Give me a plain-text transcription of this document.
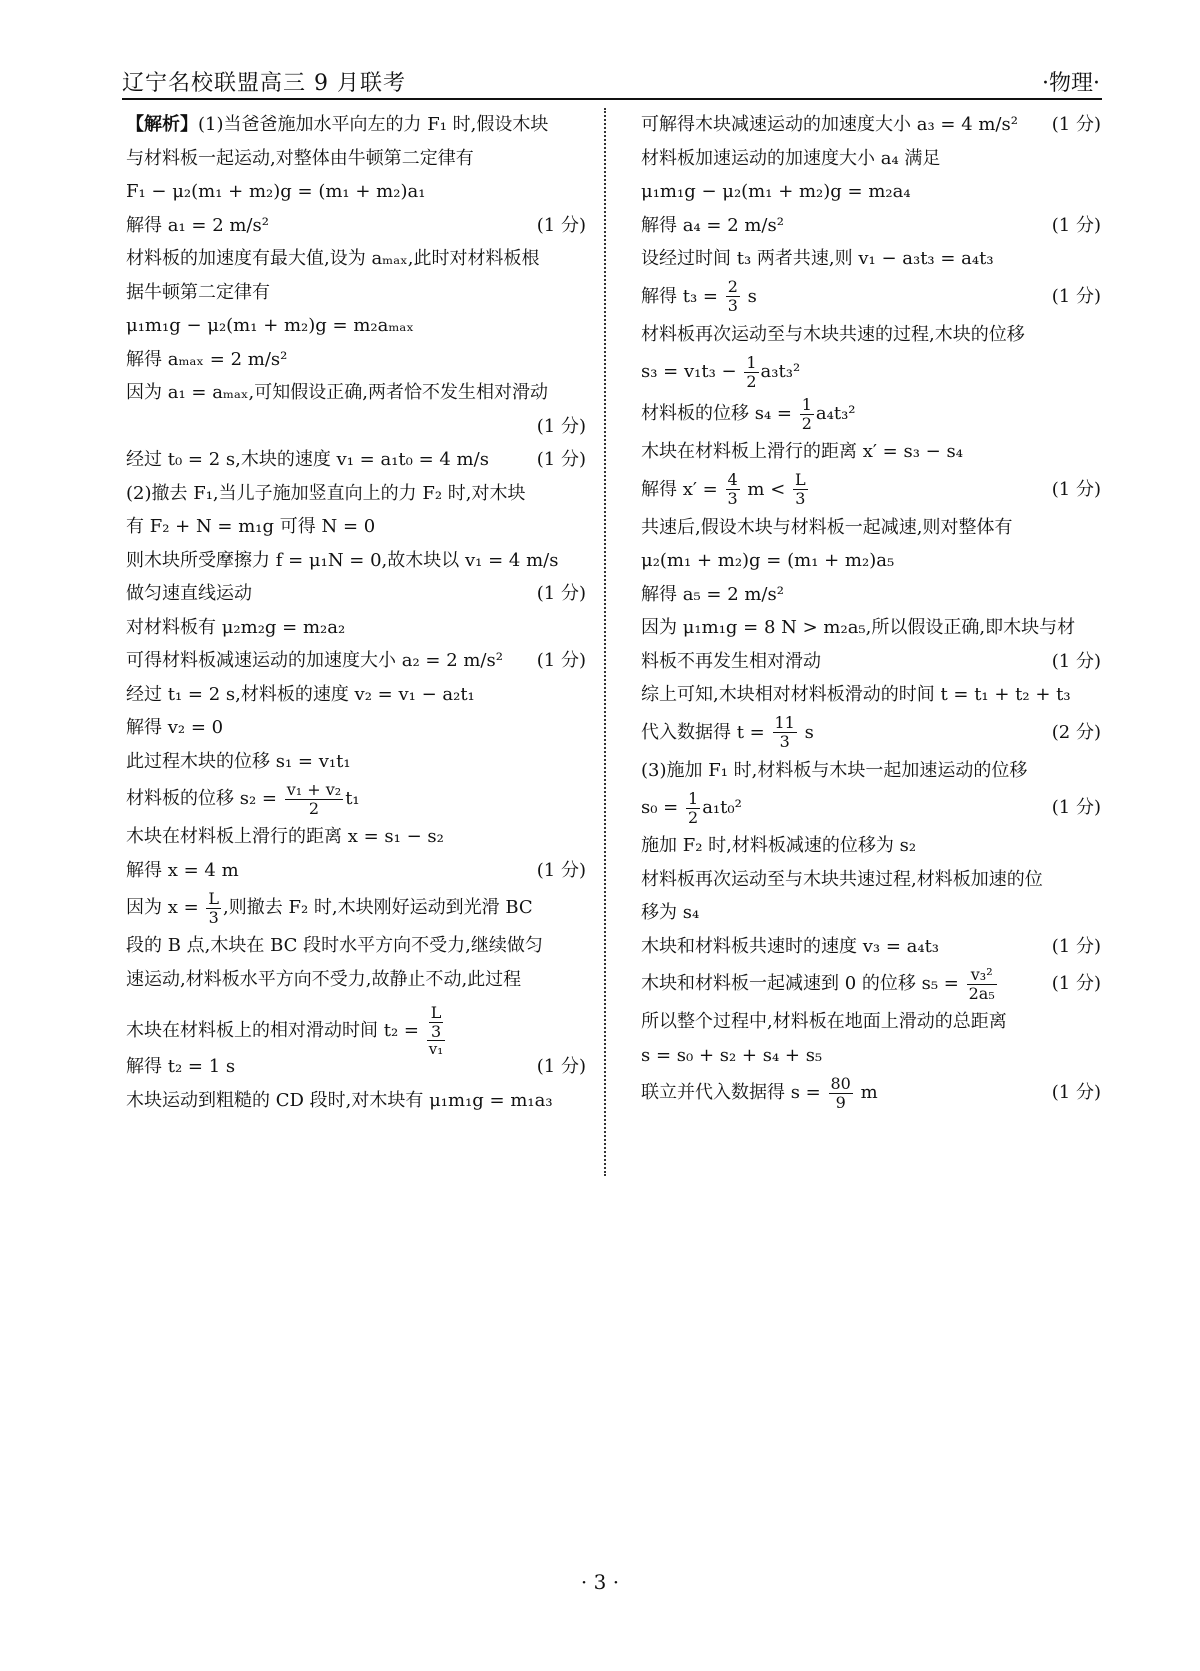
辽宁名校联盟高三 9 月联考	·物理·
【解析】(1)当爸爸施加水平向左的力 F₁ 时,假设木块
与材料板一起运动,对整体由牛顿第二定律有
F₁ − μ₂(m₁ + m₂)g = (m₁ + m₂)a₁
解得 a₁ = 2 m/s²	(1 分)
材料板的加速度有最大值,设为 aₘₐₓ,此时对材料板根
据牛顿第二定律有
μ₁m₁g − μ₂(m₁ + m₂)g = m₂aₘₐₓ
解得 aₘₐₓ = 2 m/s²
因为 a₁ = aₘₐₓ,可知假设正确,两者恰不发生相对滑动
(1 分)
经过 t₀ = 2 s,木块的速度 v₁ = a₁t₀ = 4 m/s	(1 分)
(2)撤去 F₁,当儿子施加竖直向上的力 F₂ 时,对木块
有 F₂ + N = m₁g 可得 N = 0
则木块所受摩擦力 f = μ₁N = 0,故木块以 v₁ = 4 m/s
做匀速直线运动	(1 分)
对材料板有 μ₂m₂g = m₂a₂
可得材料板减速运动的加速度大小 a₂ = 2 m/s² (1 分)
经过 t₁ = 2 s,材料板的速度 v₂ = v₁ − a₂t₁
解得 v₂ = 0
此过程木块的位移 s₁ = v₁t₁
材料板的位移 $s_2 = \frac{\text{v₁ + v₂}}{2} t_1$
木块在材料板上滑行的距离 x = s₁ − s₂
解得 x = 4 m	(1 分)
因为 $x = \frac{L}{3}$ ,则撤去 F₂ 时,木块刚好运动到光滑 BC
段的 B 点,木块在 BC 段时水平方向不受力,继续做匀
速运动,材料板水平方向不受力,故静止不动,此过程
木块在材料板上的相对滑动时间 $t_2 = \frac{\frac{L}{3}}{\text{v₁}}$
解得 t₂ = 1 s	(1 分)
木块运动到粗糙的 CD 段时,对木块有 μ₁m₁g = m₁a₃
可解得木块减速运动的加速度大小 a₃ = 4 m/s² (1 分)
材料板加速运动的加速度大小 a₄ 满足
μ₁m₁g − μ₂(m₁ + m₂)g = m₂a₄
解得 a₄ = 2 m/s²	(1 分)
设经过时间 t₃ 两者共速,则 v₁ − a₃t₃ = a₄t₃
解得 $t_3 = \frac{2}{3}$ s	(1 分)
材料板再次运动至与木块共速的过程,木块的位移
$s_3 = v_1t_3 - \frac{1}{2} a_3t_3^2$
材料板的位移 $s_4 = \frac{1}{2} a_4t_3^2$
木块在材料板上滑行的距离 x′ = s₃ − s₄
解得 $x' = \frac{4}{3}$ $m < \frac{L}{3}$	(1 分)
共速后,假设木块与材料板一起减速,则对整体有
μ₂(m₁ + m₂)g = (m₁ + m₂)a₅
解得 a₅ = 2 m/s²
因为 μ₁m₁g = 8 N > m₂a₅,所以假设正确,即木块与材
料板不再发生相对滑动	(1 分)
综上可知,木块相对材料板滑动的时间 t = t₁ + t₂ + t₃
代入数据得 $t = \frac{11}{3}$ s	(2 分)
(3)施加 F₁ 时,材料板与木块一起加速运动的位移
$s_0 = \frac{1}{2} a_1t_0^2$	(1 分)
施加 F₂ 时,材料板减速的位移为 s₂
材料板再次运动至与木块共速过程,材料板加速的位
移为 s₄
木块和材料板共速时的速度 v₃ = a₄t₃	(1 分)
木块和材料板一起减速到 0 的位移 $s_5 = \frac{\text{v₃²}}{\text{2a₅}}$	(1 分)
所以整个过程中,材料板在地面上滑动的总距离
s = s₀ + s₂ + s₄ + s₅
联立并代入数据得 $s = \frac{80}{9}$ m	(1 分)
· 3 ·
